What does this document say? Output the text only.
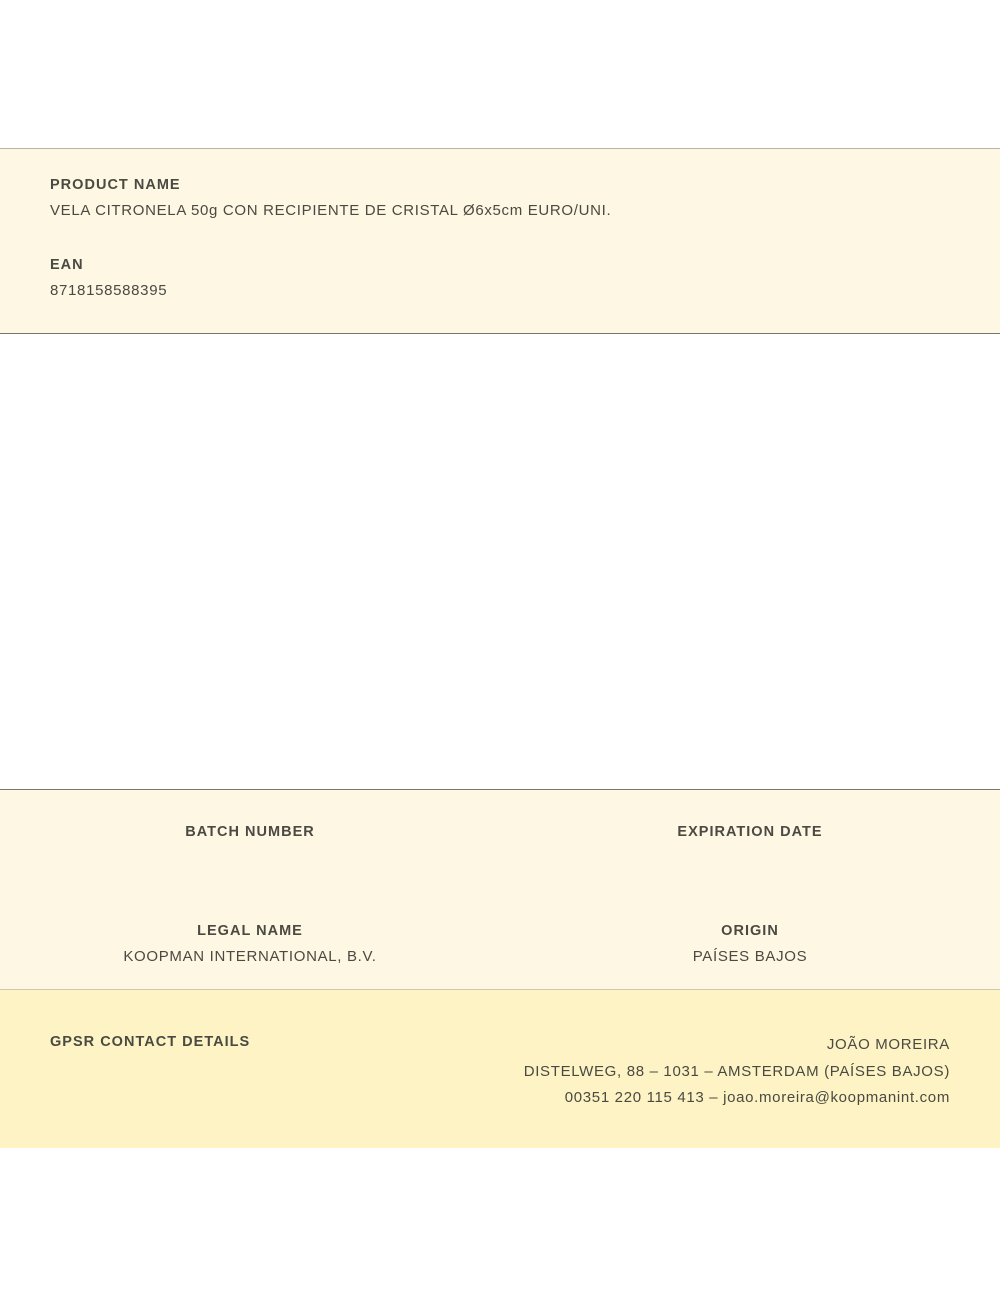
PRODUCT NAME
VELA CITRONELA 50g CON RECIPIENTE DE CRISTAL Ø6x5cm EURO/UNI.
EAN
8718158588395
BATCH NUMBER	EXPIRATION DATE
LEGAL NAME
KOOPMAN INTERNATIONAL, B.V.
ORIGIN
PAÍSES BAJOS
GPSR CONTACT DETAILS	JOÃO MOREIRA
DISTELWEG, 88 – 1031 – AMSTERDAM (PAÍSES BAJOS)
00351 220 115 413 – joao.moreira@koopmanint.com
